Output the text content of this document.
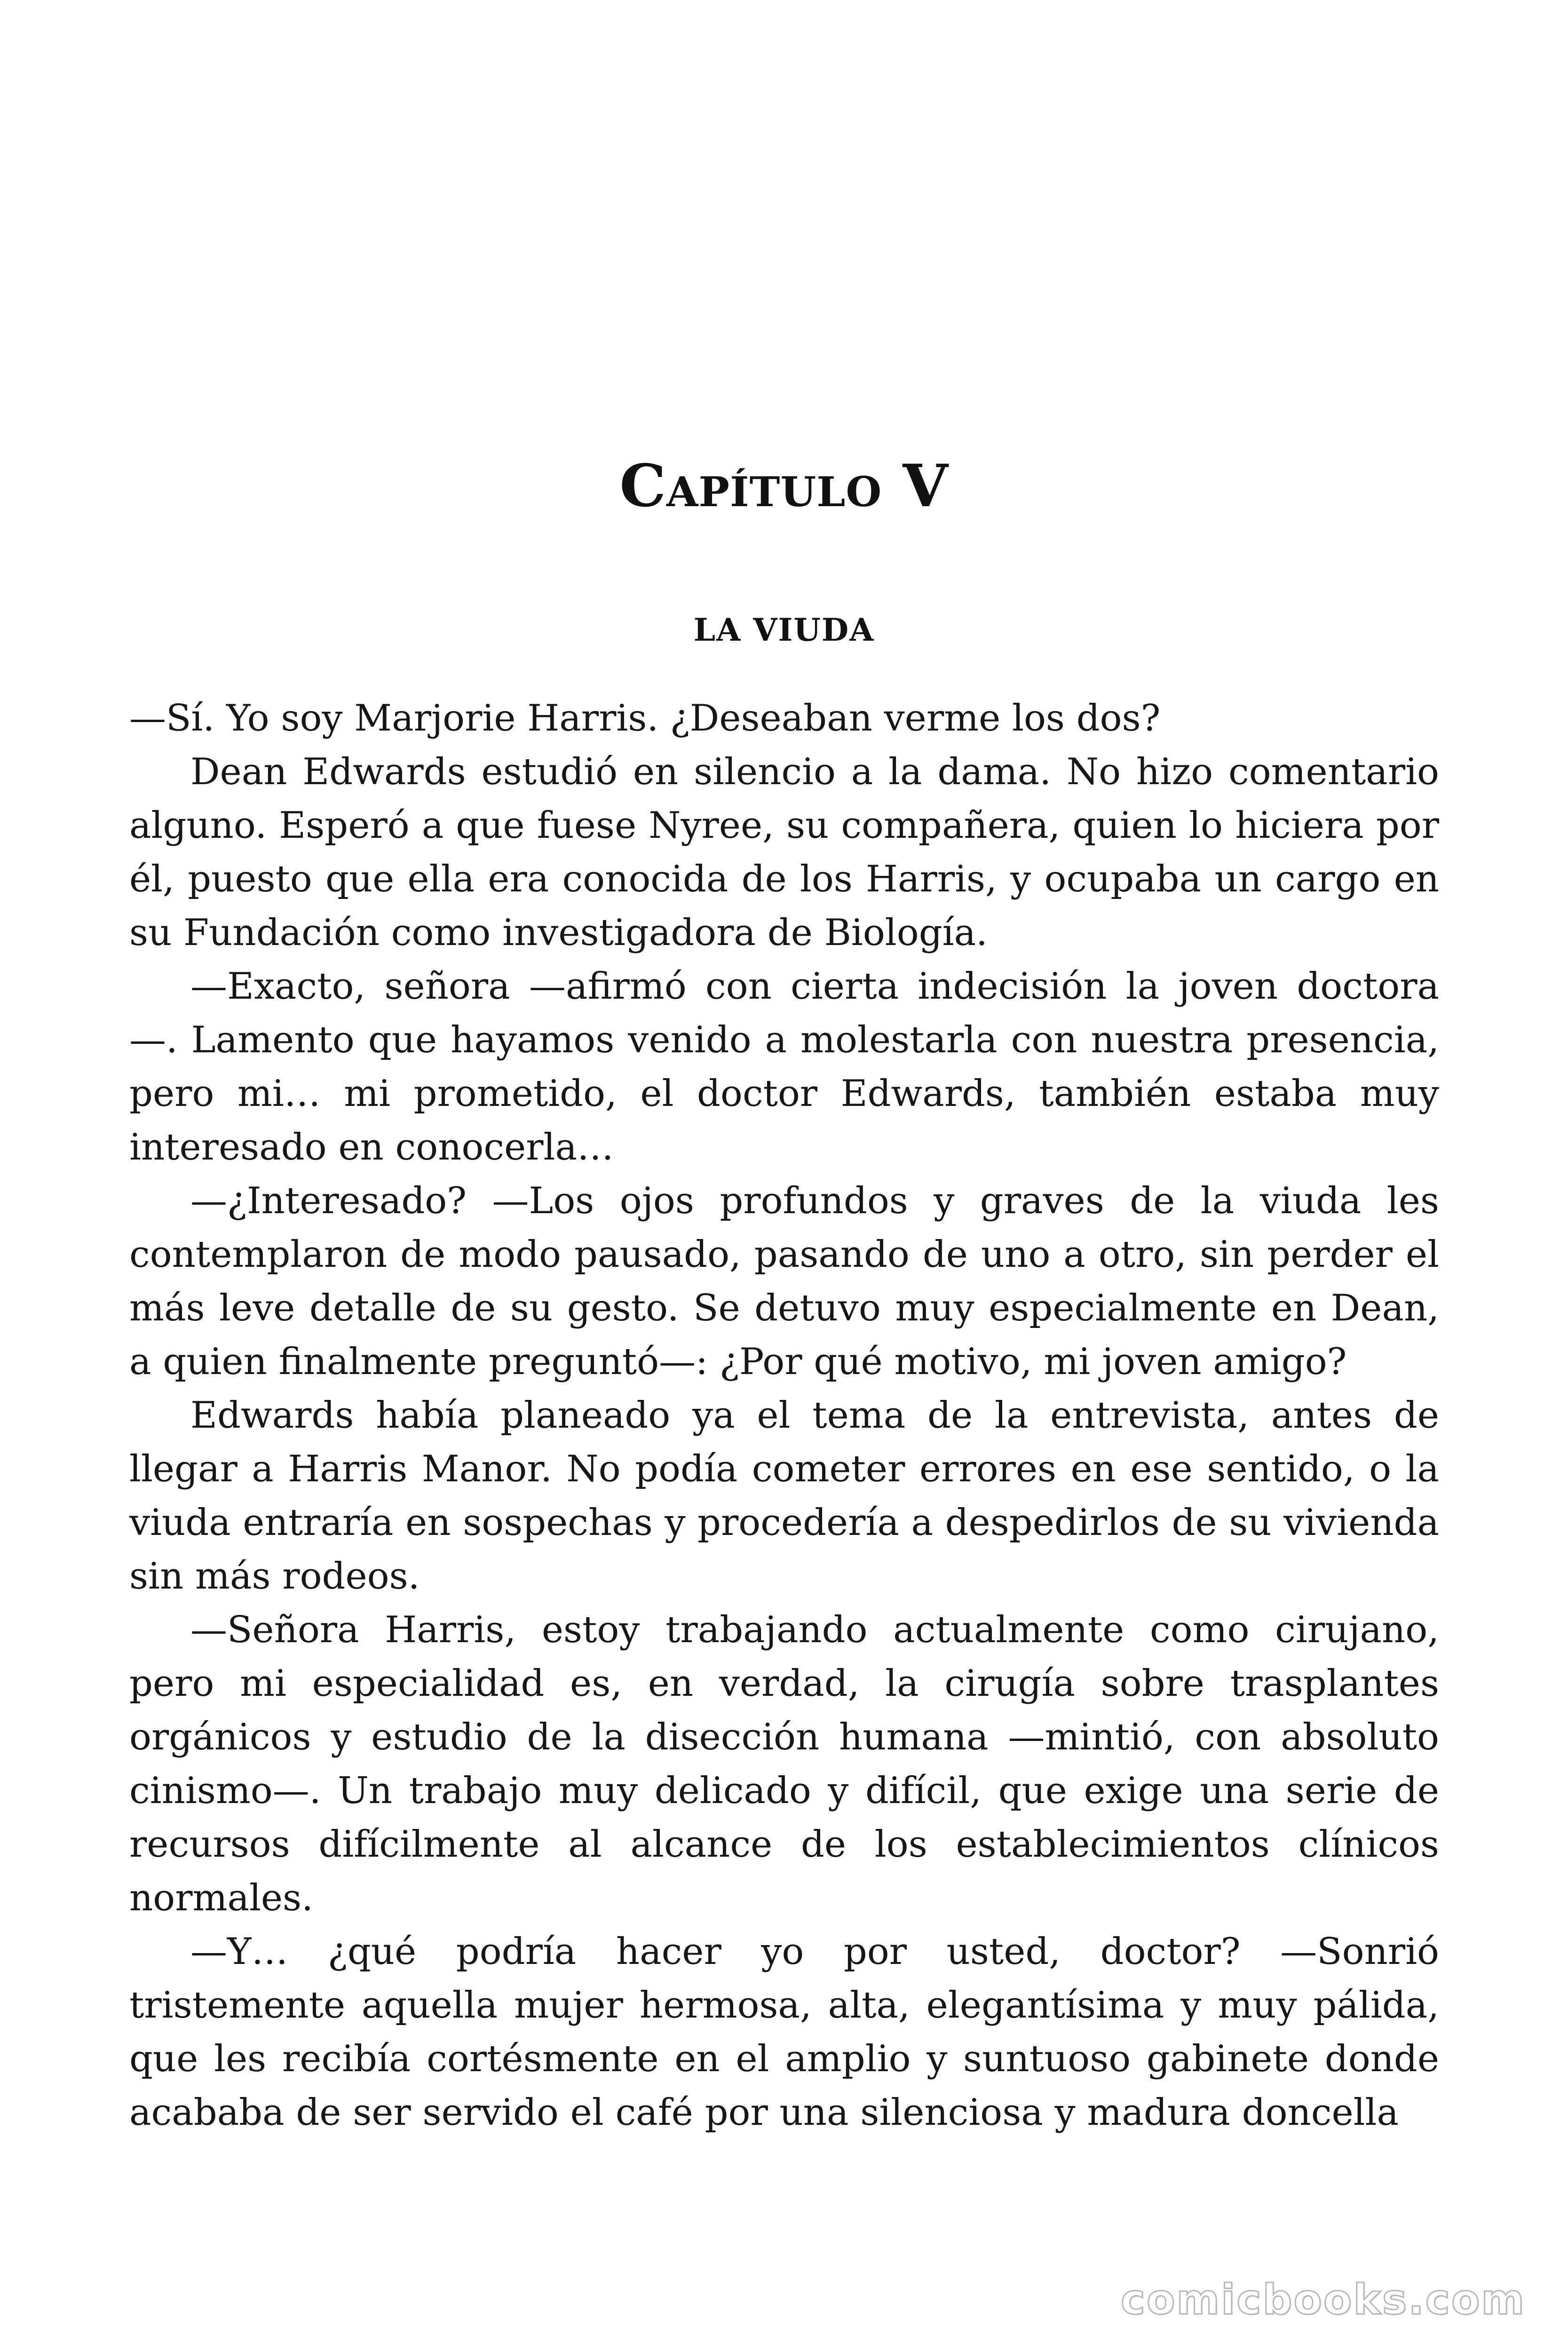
Capítulo V
LA VIUDA

—Sí. Yo soy Marjorie Harris. ¿Deseaban verme los dos?

Dean Edwards estudió en silencio a la dama. No hizo comentario alguno. Esperó a que fuese Nyree, su compañera, quien lo hiciera por él, puesto que ella era conocida de los Harris, y ocupaba un cargo en su Fundación como investigadora de Biología.

—Exacto, señora —afirmó con cierta indecisión la joven doctora —. Lamento que hayamos venido a molestarla con nuestra presencia, pero mi… mi prometido, el doctor Edwards, también estaba muy interesado en conocerla…

—¿Interesado? —Los ojos profundos y graves de la viuda les contemplaron de modo pausado, pasando de uno a otro, sin perder el más leve detalle de su gesto. Se detuvo muy especialmente en Dean, a quien finalmente preguntó—: ¿Por qué motivo, mi joven amigo?

Edwards había planeado ya el tema de la entrevista, antes de llegar a Harris Manor. No podía cometer errores en ese sentido, o la viuda entraría en sospechas y procedería a despedirlos de su vivienda sin más rodeos.

—Señora Harris, estoy trabajando actualmente como cirujano, pero mi especialidad es, en verdad, la cirugía sobre trasplantes orgánicos y estudio de la disección humana —mintió, con absoluto cinismo—. Un trabajo muy delicado y difícil, que exige una serie de recursos difícilmente al alcance de los establecimientos clínicos normales.

—Y… ¿qué podría hacer yo por usted, doctor? —Sonrió tristemente aquella mujer hermosa, alta, elegantísima y muy pálida, que les recibía cortésmente en el amplio y suntuoso gabinete donde acababa de ser servido el café por una silenciosa y madura doncella

comicbooks.com
